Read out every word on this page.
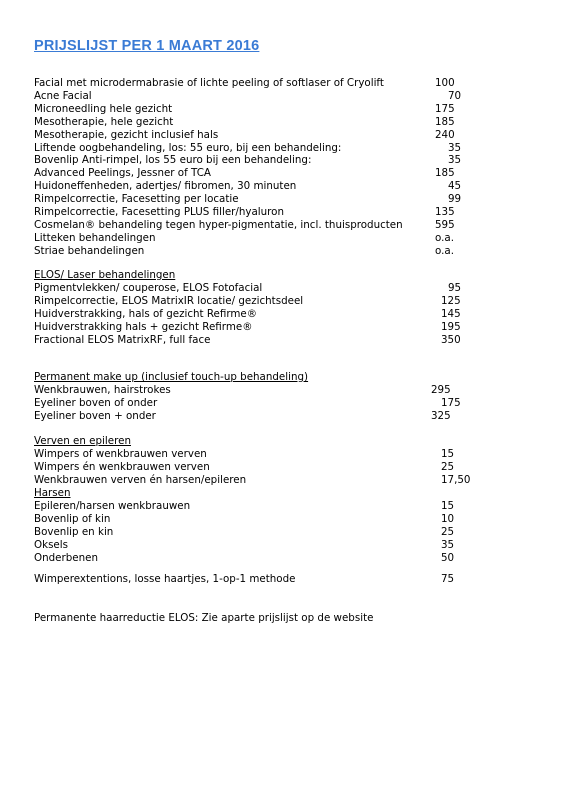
PRIJSLIJST PER 1 MAART 2016
Facial met microdermabrasie of lichte peeling of softlaser of Cryolift	100
Acne Facial	70
Microneedling hele gezicht	175
Mesotherapie, hele gezicht	185
Mesotherapie, gezicht inclusief hals	240
Liftende oogbehandeling, los: 55 euro, bij een behandeling:	35
Bovenlip Anti-rimpel, los 55 euro bij een behandeling:	35
Advanced Peelings, Jessner of TCA	185
Huidoneffenheden, adertjes/ fibromen, 30 minuten	45
Rimpelcorrectie, Facesetting per locatie	99
Rimpelcorrectie, Facesetting PLUS filler/hyaluron	135
Cosmelan® behandeling tegen hyper-pigmentatie, incl. thuisproducten	595
Litteken behandelingen	o.a.
Striae behandelingen	o.a.
ELOS/ Laser behandelingen
Pigmentvlekken/ couperose, ELOS Fotofacial	95
Rimpelcorrectie, ELOS MatrixIR locatie/ gezichtsdeel	125
Huidverstrakking, hals of gezicht Refirme®	145
Huidverstrakking hals + gezicht Refirme®	195
Fractional ELOS MatrixRF, full face	350
Permanent make up (inclusief touch-up behandeling)
Wenkbrauwen, hairstrokes	295
Eyeliner boven of onder	175
Eyeliner boven + onder	325
Verven en epileren
Wimpers of wenkbrauwen verven	15
Wimpers én wenkbrauwen verven	25
Wenkbrauwen verven én harsen/epileren	17,50
Harsen
Epileren/harsen wenkbrauwen	15
Bovenlip of kin	10
Bovenlip en kin	25
Oksels	35
Onderbenen	50
Wimperextentions, losse haartjes, 1-op-1 methode	75
Permanente haarreductie ELOS: Zie aparte prijslijst op de website
